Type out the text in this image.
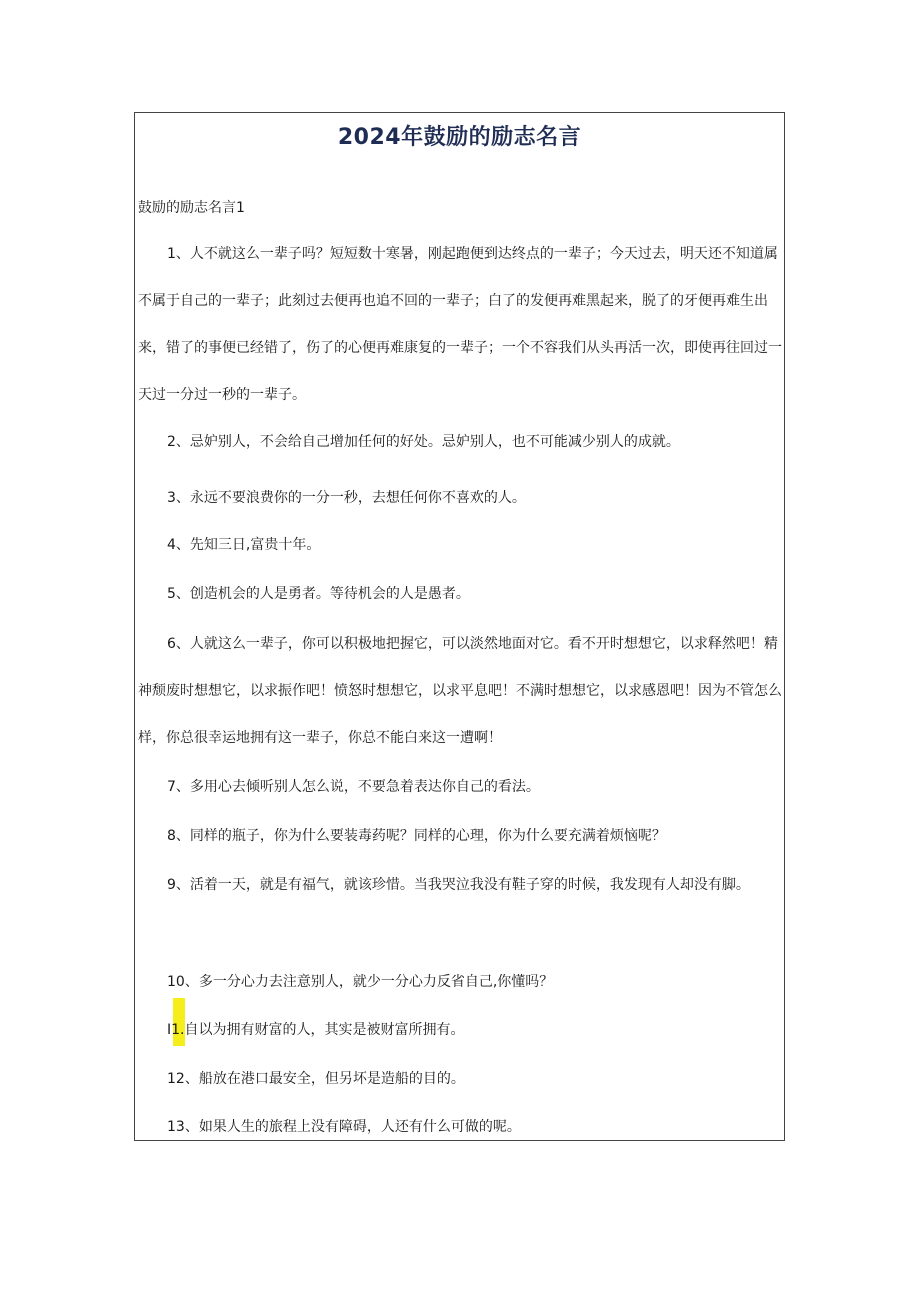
2024年鼓励的励志名言

鼓励的励志名言1

1、人不就这么一辈子吗？短短数十寒暑，刚起跑便到达终点的一辈子；今天过去，明天还不知道属不属于自己的一辈子；此刻过去便再也追不回的一辈子；白了的发便再难黑起来，脱了的牙便再难生出来，错了的事便已经错了，伤了的心便再难康复的一辈子；一个不容我们从头再活一次，即使再往回过一天过一分过一秒的一辈子。
2、忌妒别人，不会给自己增加任何的好处。忌妒别人，也不可能减少别人的成就。
3、永远不要浪费你的一分一秒，去想任何你不喜欢的人。
4、先知三日,富贵十年。
5、创造机会的人是勇者。等待机会的人是愚者。
6、人就这么一辈子，你可以积极地把握它，可以淡然地面对它。看不开时想想它，以求释然吧！精神颓废时想想它，以求振作吧！愤怒时想想它，以求平息吧！不满时想想它，以求感恩吧！因为不管怎么样，你总很幸运地拥有这一辈子，你总不能白来这一遭啊！
7、多用心去倾听别人怎么说，不要急着表达你自己的看法。
8、同样的瓶子，你为什么要装毒药呢？同样的心理，你为什么要充满着烦恼呢？
9、活着一天，就是有福气，就该珍惜。当我哭泣我没有鞋子穿的时候，我发现有人却没有脚。
10、多一分心力去注意别人，就少一分心力反省自己,你懂吗？
I1.自以为拥有财富的人，其实是被财富所拥有。
12、船放在港口最安全，但另坏是造船的目的。
13、如果人生的旅程上没有障碍，人还有什么可做的呢。
